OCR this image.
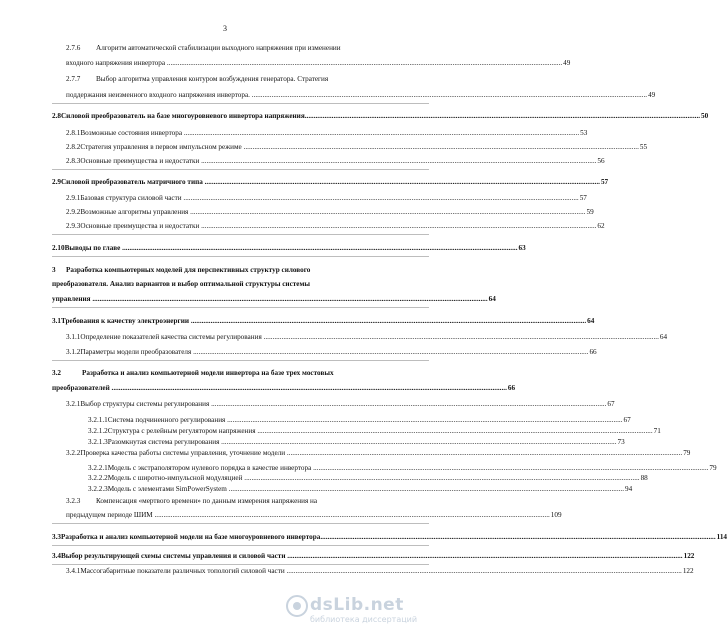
3
2.7.6	Алгоритм автоматической стабилизации выходного напряжения при изменении
входного напряжения инвертора ............................................................................................................................................................................................................................ 49
2.7.7	Выбор алгоритма управления контуром возбуждения генератора. Стратегия
поддержания неизменного входного напряжения инвертора. ............................................................................................................................................................................................................................ 49
2.8 Силовой преобразователь на базе многоуровневого инвертора напряжения............................................................................................................................................................................................................................ 50
2.8.1 Возможные состояния инвертора ............................................................................................................................................................................................................................ 53
2.8.2 Стратегия управления в первом импульсном режиме ............................................................................................................................................................................................................................ 55
2.8.3 Основные преимущества и недостатки ............................................................................................................................................................................................................................ 56
2.9 Силовой преобразователь матричного типа ............................................................................................................................................................................................................................ 57
2.9.1 Базовая структура силовой части ............................................................................................................................................................................................................................ 57
2.9.2 Возможные алгоритмы управления ............................................................................................................................................................................................................................ 59
2.9.3 Основные преимущества и недостатки ............................................................................................................................................................................................................................ 62
2.10 Выводы по главе ............................................................................................................................................................................................................................ 63
3	Разработка компьютерных моделей для перспективных структур силового
преобразователя. Анализ вариантов и выбор оптимальной структуры системы
управления ............................................................................................................................................................................................................................ 64
3.1 Требования к качеству электроэнергии ............................................................................................................................................................................................................................ 64
3.1.1 Определение показателей качества системы регулирования ............................................................................................................................................................................................................................ 64
3.1.2 Параметры модели преобразователя ............................................................................................................................................................................................................................ 66
3.2	Разработка и анализ компьютерной модели инвертора на базе трех мостовых
преобразователей ............................................................................................................................................................................................................................ 66
3.2.1 Выбор структуры системы регулирования ............................................................................................................................................................................................................................ 67
3.2.1.1 Система подчиненного регулирования ............................................................................................................................................................................................................................ 67
3.2.1.2 Структура с релейным регулятором напряжения ............................................................................................................................................................................................................................ 71
3.2.1.3 Разомкнутая система регулирования ............................................................................................................................................................................................................................ 73
3.2.2 Проверка качества работы системы управления, уточнение модели ............................................................................................................................................................................................................................ 79
3.2.2.1 Модель с экстраполятором нулевого порядка в качестве инвертора ............................................................................................................................................................................................................................ 79
3.2.2.2 Модель с широтно-импульсной модуляцией ............................................................................................................................................................................................................................ 88
3.2.2.3 Модель с элементами SimPowerSystem ............................................................................................................................................................................................................................ 94
3.2.3	Компенсация «мертвого времени» по данным измерения напряжения на
предыдущем периоде ШИМ ............................................................................................................................................................................................................................ 109
3.3 Разработка и анализ компьютерной модели на базе многоуровневого инвертора............................................................................................................................................................................................................................ 114
3.4 Выбор результирующей схемы системы управления и силовой части ............................................................................................................................................................................................................................ 122
3.4.1 Массогабаритные показатели различных топологий силовой части ............................................................................................................................................................................................................................ 122
dsLib.net
библиотека диссертаций
